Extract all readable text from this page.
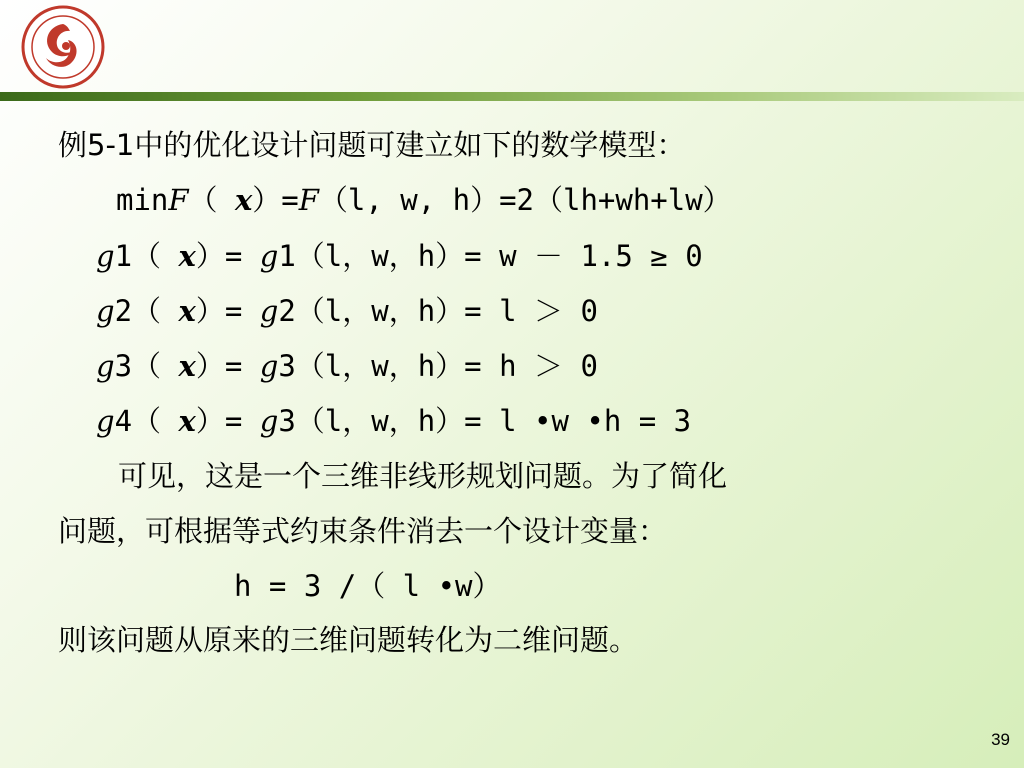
例5-1中的优化设计问题可建立如下的数学模型：
minF（ x）=F（l, w, h）=2（lh+wh+lw）
g1（ x）= g1（l，w，h）= w － 1.5 ≥ 0
g2（ x）= g2（l，w，h）= l ＞ 0
g3（ x）= g3（l，w，h）= h ＞ 0
g4（ x）= g3（l，w，h）= l •w •h = 3
可见，这是一个三维非线形规划问题。为了简化
问题，可根据等式约束条件消去一个设计变量：
h = 3 /（ l •w）
则该问题从原来的三维问题转化为二维问题。
39
